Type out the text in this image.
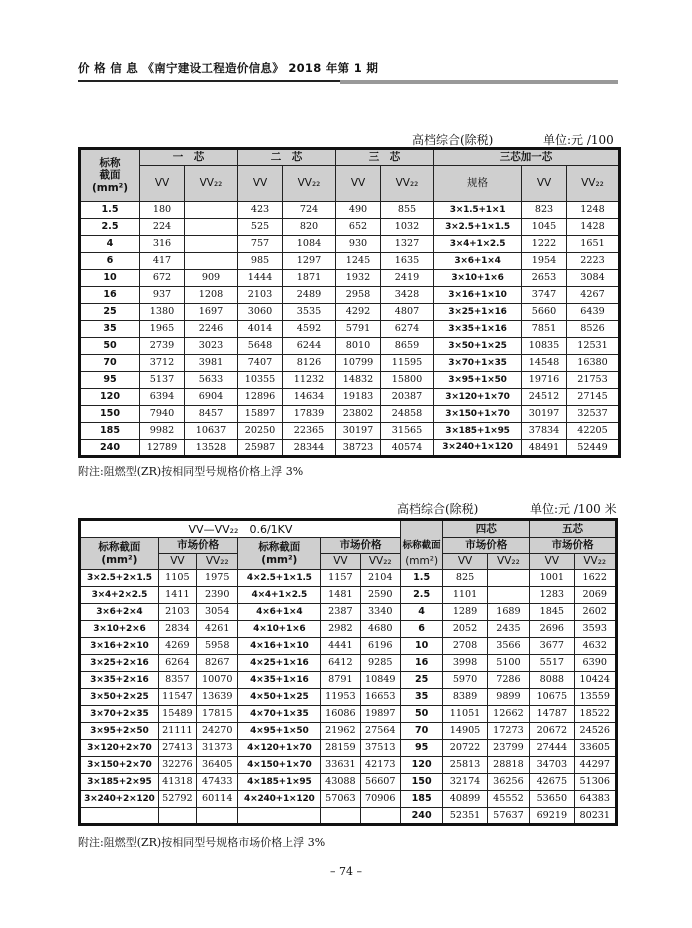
价 格 信 息 《南宁建设工程造价信息》 2018 年第 1 期
高档综合(除税)	单位:元 /100
标称
截面
(mm²)	一　芯		二　芯		三　芯		三芯加一芯		
	VV	VV₂₂	VV	VV₂₂	VV	VV₂₂	规格	VV	VV₂₂
1.5	180		423	724	490	855	3×1.5+1×1	823	1248
2.5	224		525	820	652	1032	3×2.5+1×1.5	1045	1428
4	316		757	1084	930	1327	3×4+1×2.5	1222	1651
6	417		985	1297	1245	1635	3×6+1×4	1954	2223
10	672	909	1444	1871	1932	2419	3×10+1×6	2653	3084
16	937	1208	2103	2489	2958	3428	3×16+1×10	3747	4267
25	1380	1697	3060	3535	4292	4807	3×25+1×16	5660	6439
35	1965	2246	4014	4592	5791	6274	3×35+1×16	7851	8526
50	2739	3023	5648	6244	8010	8659	3×50+1×25	10835	12531
70	3712	3981	7407	8126	10799	11595	3×70+1×35	14548	16380
95	5137	5633	10355	11232	14832	15800	3×95+1×50	19716	21753
120	6394	6904	12896	14634	19183	20387	3×120+1×70	24512	27145
150	7940	8457	15897	17839	23802	24858	3×150+1×70	30197	32537
185	9982	10637	20250	22365	30197	31565	3×185+1×95	37834	42205
240	12789	13528	25987	28344	38723	40574	3×240+1×120	48491	52449
附注:阻燃型(ZR)按相同型号规格价格上浮 3%
高档综合(除税)	单位:元 /100 米
VV—VV₂₂　0.6/1KV							四芯		五芯	
标称截面
(mm²)	市场价格		标称截面
(mm²)	市场价格		标称截面	市场价格		市场价格	
	VV	VV₂₂		VV	VV₂₂	(mm²)	VV	VV₂₂	VV	VV₂₂
3×2.5+2×1.5	1105	1975	4×2.5+1×1.5	1157	2104	1.5	825		1001	1622
3×4+2×2.5	1411	2390	4×4+1×2.5	1481	2590	2.5	1101		1283	2069
3×6+2×4	2103	3054	4×6+1×4	2387	3340	4	1289	1689	1845	2602
3×10+2×6	2834	4261	4×10+1×6	2982	4680	6	2052	2435	2696	3593
3×16+2×10	4269	5958	4×16+1×10	4441	6196	10	2708	3566	3677	4632
3×25+2×16	6264	8267	4×25+1×16	6412	9285	16	3998	5100	5517	6390
3×35+2×16	8357	10070	4×35+1×16	8791	10849	25	5970	7286	8088	10424
3×50+2×25	11547	13639	4×50+1×25	11953	16653	35	8389	9899	10675	13559
3×70+2×35	15489	17815	4×70+1×35	16086	19897	50	11051	12662	14787	18522
3×95+2×50	21111	24270	4×95+1×50	21962	27564	70	14905	17273	20672	24526
3×120+2×70	27413	31373	4×120+1×70	28159	37513	95	20722	23799	27444	33605
3×150+2×70	32276	36405	4×150+1×70	33631	42173	120	25813	28818	34703	44297
3×185+2×95	41318	47433	4×185+1×95	43088	56607	150	32174	36256	42675	51306
3×240+2×120	52792	60114	4×240+1×120	57063	70906	185	40899	45552	53650	64383
						240	52351	57637	69219	80231
附注:阻燃型(ZR)按相同型号规格市场价格上浮 3%
– 74 –
